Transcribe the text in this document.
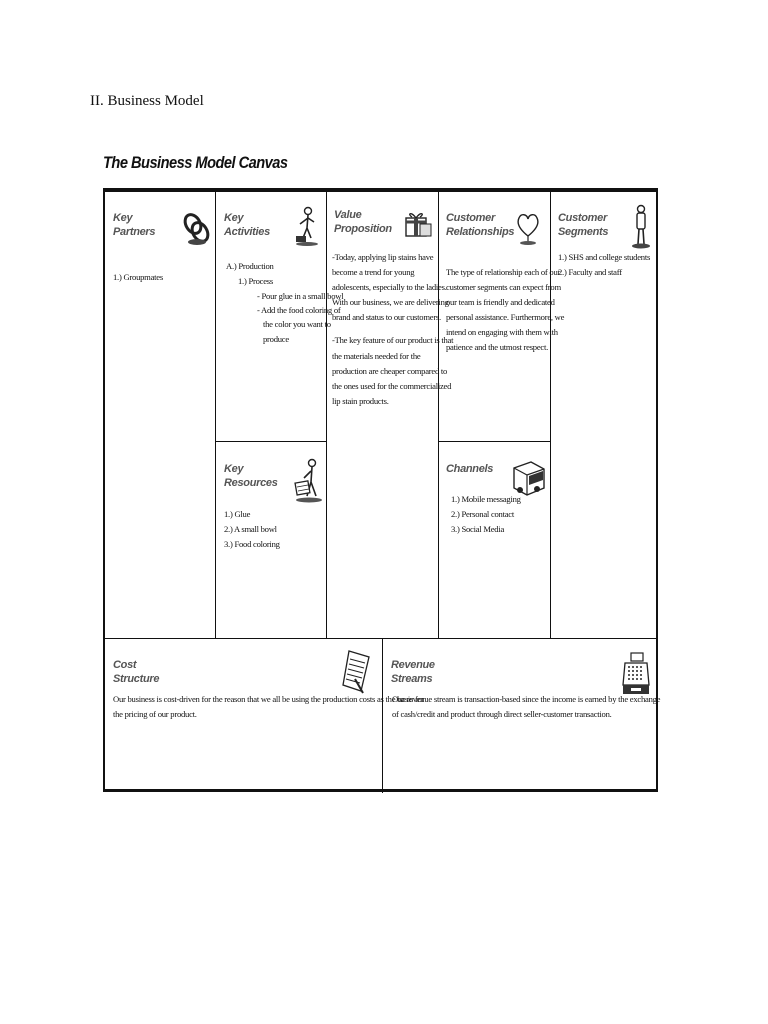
II. Business Model
The Business Model Canvas
Key
Partners
1.) Groupmates
Key
Activities
A.) Production
1.) Process
- Pour glue in a small bowl
- Add the food coloring of
the color you want to
produce
Value
Proposition
-Today, applying lip stains have
become a trend for young
adolescents, especially to the ladies.
With our business, we are delivering
brand and status to our customers.
-The key feature of our product is that
the materials needed for the
production are cheaper compared to
the ones used for the commercialized
lip stain products.
Customer
Relationships
The type of relationship each of our
customer segments can expect from
our team is friendly and dedicated
personal assistance. Furthermore, we
intend on engaging with them with
patience and the utmost respect.
Customer
Segments
1.) SHS and college students
2.) Faculty and staff
Key
Resources
1.) Glue
2.) A small bowl
3.) Food coloring
Channels
1.) Mobile messaging
2.) Personal contact
3.) Social Media
Cost
Structure
Our business is cost-driven for the reason that we all be using the production costs as the basis for
the pricing of our product.
Revenue
Streams
Our revenue stream is transaction-based since the income is earned by the exchange
of cash/credit and product through direct seller-customer transaction.
